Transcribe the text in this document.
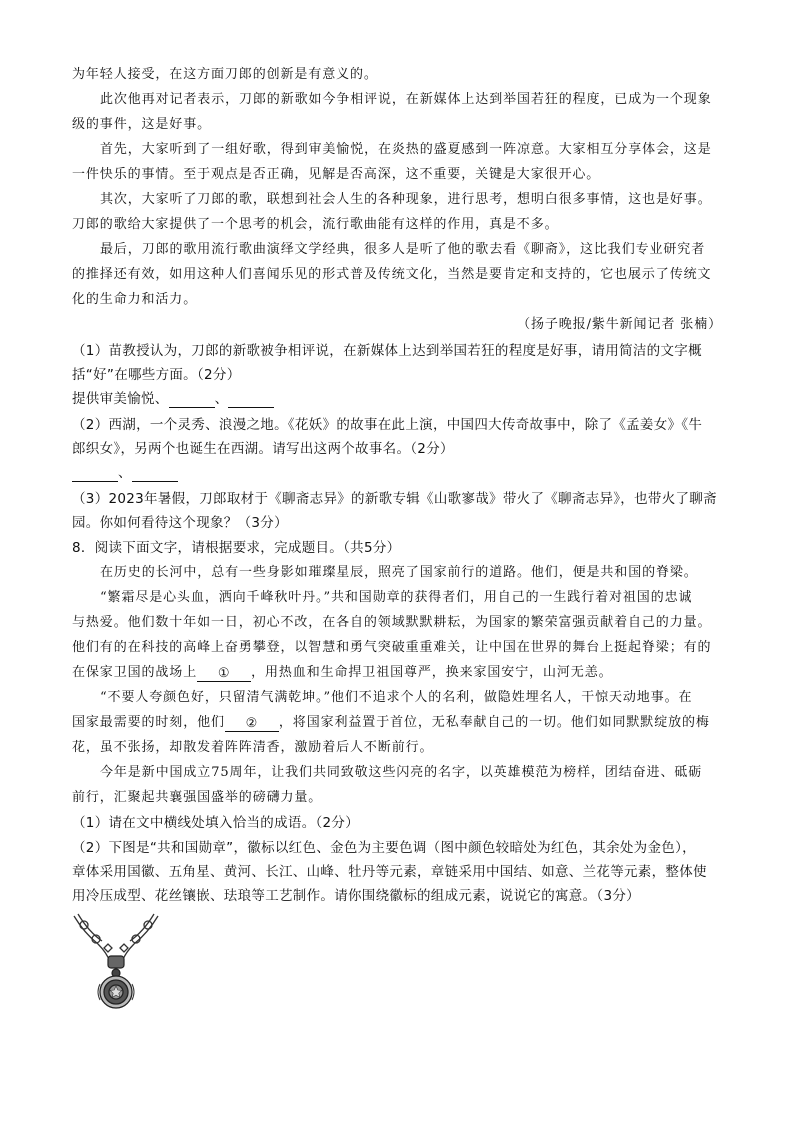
为年轻人接受，在这方面刀郎的创新是有意义的。
此次他再对记者表示，刀郎的新歌如今争相评说，在新媒体上达到举国若狂的程度，已成为一个现象
级的事件，这是好事。
首先，大家听到了一组好歌，得到审美愉悦，在炎热的盛夏感到一阵凉意。大家相互分享体会，这是
一件快乐的事情。至于观点是否正确，见解是否高深，这不重要，关键是大家很开心。
其次，大家听了刀郎的歌，联想到社会人生的各种现象，进行思考，想明白很多事情，这也是好事。
刀郎的歌给大家提供了一个思考的机会，流行歌曲能有这样的作用，真是不多。
最后，刀郎的歌用流行歌曲演绎文学经典，很多人是听了他的歌去看《聊斋》，这比我们专业研究者
的推择还有效，如用这种人们喜闻乐见的形式普及传统文化，当然是要肯定和支持的，它也展示了传统文
化的生命力和活力。
（扬子晚报/紫牛新闻记者 张楠）
（1）苗教授认为，刀郎的新歌被争相评说，在新媒体上达到举国若狂的程度是好事，请用简洁的文字概
括“好”在哪些方面。（2分）
提供审美愉悦、	、
（2）西湖，一个灵秀、浪漫之地。《花妖》的故事在此上演，中国四大传奇故事中，除了《孟姜女》《牛
郎织女》，另两个也诞生在西湖。请写出这两个故事名。（2分）
、
（3）2023年暑假，刀郎取材于《聊斋志异》的新歌专辑《山歌寥哉》带火了《聊斋志异》，也带火了聊斋
园。你如何看待这个现象？（3分）
8．阅读下面文字，请根据要求，完成题目。（共5分）
在历史的长河中，总有一些身影如璀璨星辰，照亮了国家前行的道路。他们，便是共和国的脊梁。
“繁霜尽是心头血，洒向千峰秋叶丹。”共和国勋章的获得者们，用自己的一生践行着对祖国的忠诚
与热爱。他们数十年如一日，初心不改，在各自的领域默默耕耘，为国家的繁荣富强贡献着自己的力量。
他们有的在科技的高峰上奋勇攀登，以智慧和勇气突破重重难关，让中国在世界的舞台上挺起脊梁；有的
在保家卫国的战场上 ① ，用热血和生命捍卫祖国尊严，换来家国安宁，山河无恙。
“不要人夸颜色好，只留清气满乾坤。”他们不追求个人的名利，做隐姓埋名人，干惊天动地事。在
国家最需要的时刻，他们 ② ，将国家利益置于首位，无私奉献自己的一切。他们如同默默绽放的梅
花，虽不张扬，却散发着阵阵清香，激励着后人不断前行。
今年是新中国成立75周年，让我们共同致敬这些闪亮的名字，以英雄模范为榜样，团结奋进、砥砺
前行，汇聚起共襄强国盛举的磅礴力量。
（1）请在文中横线处填入恰当的成语。（2分）
（2）下图是“共和国勋章”，徽标以红色、金色为主要色调（图中颜色较暗处为红色，其余处为金色），
章体采用国徽、五角星、黄河、长江、山峰、牡丹等元素，章链采用中国结、如意、兰花等元素，整体使
用冷压成型、花丝镶嵌、珐琅等工艺制作。请你围绕徽标的组成元素，说说它的寓意。（3分）
